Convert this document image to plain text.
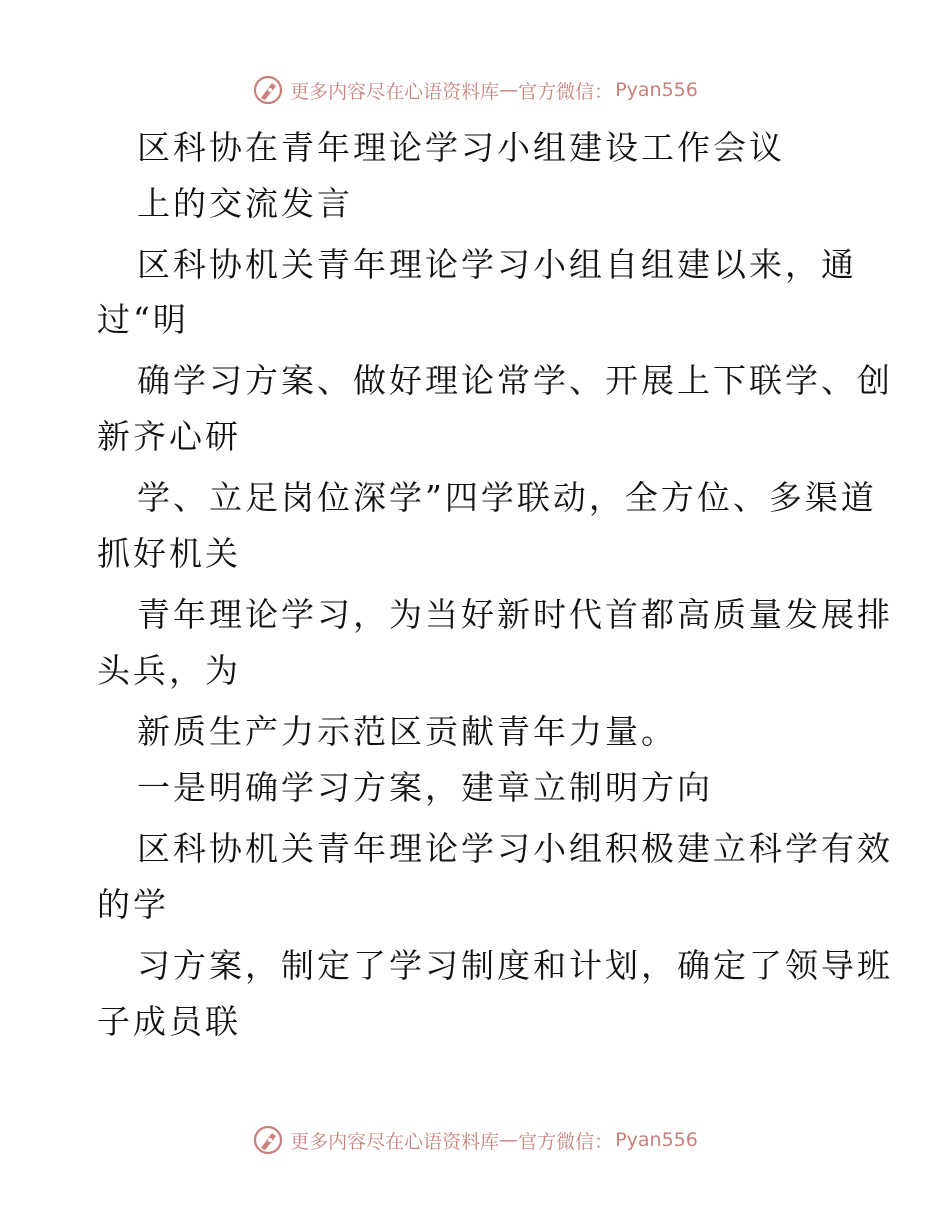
更多内容尽在心语资料库 — 官方微信： Pyan556
区科协在青年理论学习小组建设工作会议
上的交流发言
区科协机关青年理论学习小组自组建以来，通
过“明
确学习方案、做好理论常学、开展上下联学、创
新齐心研
学、立足岗位深学”四学联动，全方位、多渠道
抓好机关
青年理论学习，为当好新时代首都高质量发展排
头兵，为
新质生产力示范区贡献青年力量。
一是明确学习方案，建章立制明方向
区科协机关青年理论学习小组积极建立科学有效
的学
习方案，制定了学习制度和计划，确定了领导班
子成员联
更多内容尽在心语资料库 — 官方微信： Pyan556
